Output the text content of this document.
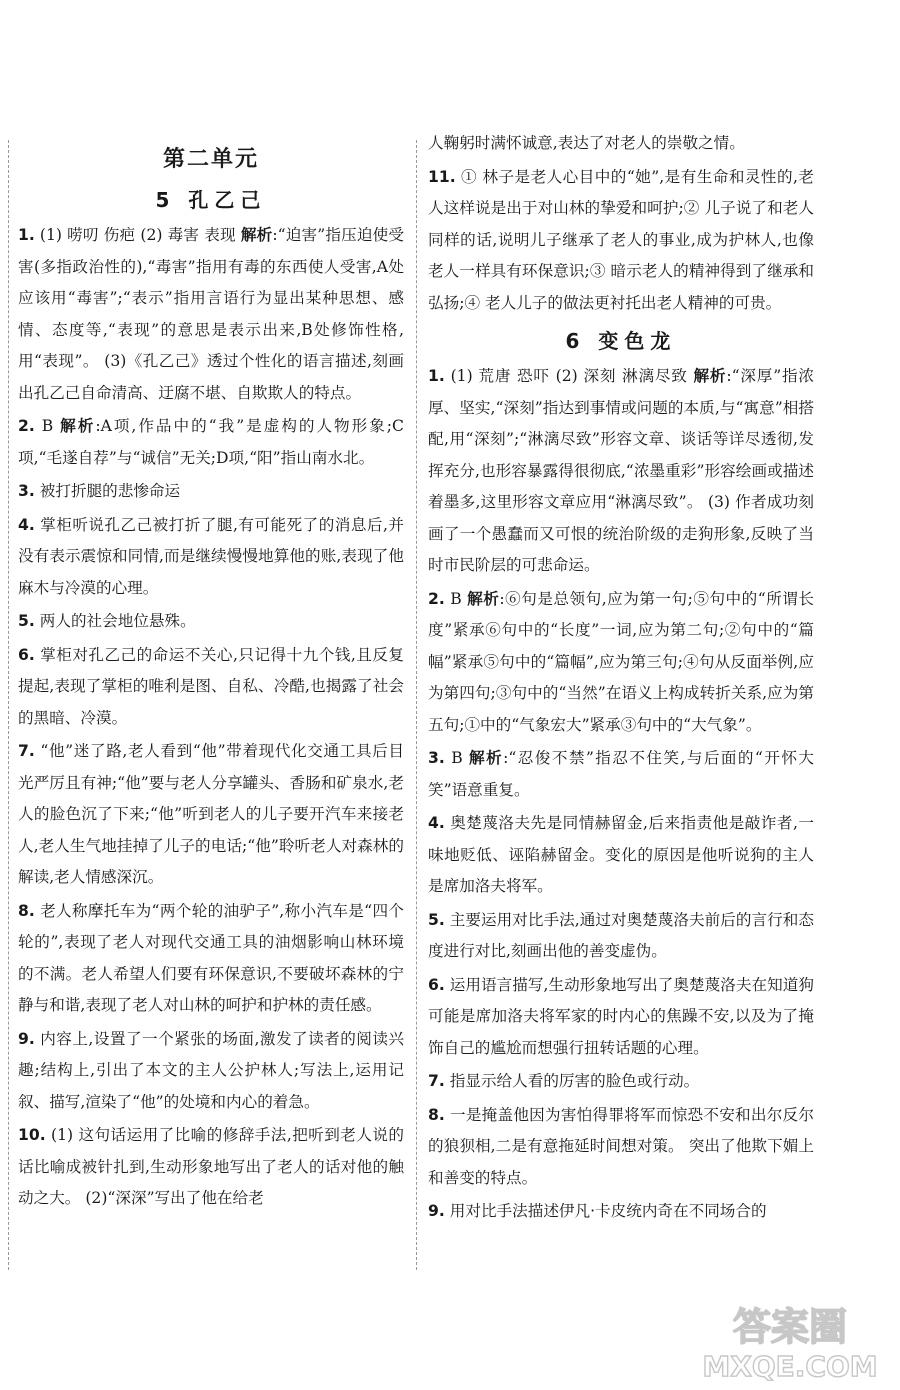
第二单元
5 孔乙己
1. (1) 唠叨 伤疤 (2) 毒害 表现 解析:“迫害”指压迫使受害(多指政治性的),“毒害”指用有毒的东西使人受害,A处应该用“毒害”;“表示”指用言语行为显出某种思想、感情、态度等,“表现”的意思是表示出来,B处修饰性格,用“表现”。 (3)《孔乙己》透过个性化的语言描述,刻画出孔乙己自命清高、迂腐不堪、自欺欺人的特点。
2. B 解析:A项,作品中的“我”是虚构的人物形象;C项,“毛遂自荐”与“诚信”无关;D项,“阳”指山南水北。
3. 被打折腿的悲惨命运
4. 掌柜听说孔乙己被打折了腿,有可能死了的消息后,并没有表示震惊和同情,而是继续慢慢地算他的账,表现了他麻木与冷漠的心理。
5. 两人的社会地位悬殊。
6. 掌柜对孔乙己的命运不关心,只记得十九个钱,且反复提起,表现了掌柜的唯利是图、自私、冷酷,也揭露了社会的黑暗、冷漠。
7. “他”迷了路,老人看到“他”带着现代化交通工具后目光严厉且有神;“他”要与老人分享罐头、香肠和矿泉水,老人的脸色沉了下来;“他”听到老人的儿子要开汽车来接老人,老人生气地挂掉了儿子的电话;“他”聆听老人对森林的解读,老人情感深沉。
8. 老人称摩托车为“两个轮的油驴子”,称小汽车是“四个轮的”,表现了老人对现代交通工具的油烟影响山林环境的不满。老人希望人们要有环保意识,不要破坏森林的宁静与和谐,表现了老人对山林的呵护和护林的责任感。
9. 内容上,设置了一个紧张的场面,激发了读者的阅读兴趣;结构上,引出了本文的主人公护林人;写法上,运用记叙、描写,渲染了“他”的处境和内心的着急。
10. (1) 这句话运用了比喻的修辞手法,把听到老人说的话比喻成被针扎到,生动形象地写出了老人的话对他的触动之大。 (2)“深深”写出了他在给老
人鞠躬时满怀诚意,表达了对老人的崇敬之情。
11. ① 林子是老人心目中的“她”,是有生命和灵性的,老人这样说是出于对山林的挚爱和呵护;② 儿子说了和老人同样的话,说明儿子继承了老人的事业,成为护林人,也像老人一样具有环保意识;③ 暗示老人的精神得到了继承和弘扬;④ 老人儿子的做法更衬托出老人精神的可贵。
6 变色龙
1. (1) 荒唐 恐吓 (2) 深刻 淋漓尽致 解析:“深厚”指浓厚、坚实,“深刻”指达到事情或问题的本质,与“寓意”相搭配,用“深刻”;“淋漓尽致”形容文章、谈话等详尽透彻,发挥充分,也形容暴露得很彻底,“浓墨重彩”形容绘画或描述着墨多,这里形容文章应用“淋漓尽致”。 (3) 作者成功刻画了一个愚蠢而又可恨的统治阶级的走狗形象,反映了当时市民阶层的可悲命运。
2. B 解析:⑥句是总领句,应为第一句;⑤句中的“所谓长度”紧承⑥句中的“长度”一词,应为第二句;②句中的“篇幅”紧承⑤句中的“篇幅”,应为第三句;④句从反面举例,应为第四句;③句中的“当然”在语义上构成转折关系,应为第五句;①中的“气象宏大”紧承③句中的“大气象”。
3. B 解析:“忍俊不禁”指忍不住笑,与后面的“开怀大笑”语意重复。
4. 奥楚蔑洛夫先是同情赫留金,后来指责他是敲诈者,一味地贬低、诬陷赫留金。变化的原因是他听说狗的主人是席加洛夫将军。
5. 主要运用对比手法,通过对奥楚蔑洛夫前后的言行和态度进行对比,刻画出他的善变虚伪。
6. 运用语言描写,生动形象地写出了奥楚蔑洛夫在知道狗可能是席加洛夫将军家的时内心的焦躁不安,以及为了掩饰自己的尴尬而想强行扭转话题的心理。
7. 指显示给人看的厉害的脸色或行动。
8. 一是掩盖他因为害怕得罪将军而惊恐不安和出尔反尔的狼狈相,二是有意拖延时间想对策。 突出了他欺下媚上和善变的特点。
9. 用对比手法描述伊凡·卡皮统内奇在不同场合的
答案圈
MXQE.COM
